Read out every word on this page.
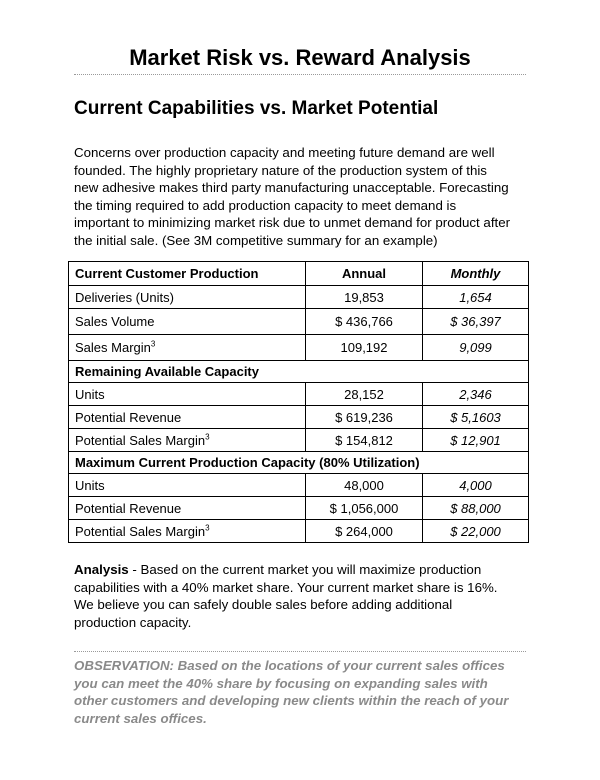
Market Risk vs. Reward Analysis
Current Capabilities vs. Market Potential
Concerns over production capacity and meeting future demand are well
founded. The highly proprietary nature of the production system of this
new adhesive makes third party manufacturing unacceptable. Forecasting
the timing required to add production capacity to meet demand is
important to minimizing market risk due to unmet demand for product after
the initial sale. (See 3M competitive summary for an example)
Current Customer Production	Annual	Monthly
Deliveries (Units)	19,853	1,654
Sales Volume	$ 436,766	$ 36,397
Sales Margin$^3$	109,192	9,099
Remaining Available Capacity		
Units	28,152	2,346
Potential Revenue	$ 619,236	$ 5,1603
Potential Sales Margin$^3$	$ 154,812	$ 12,901
Maximum Current Production Capacity (80% Utilization)		
Units	48,000	4,000
Potential Revenue	$ 1,056,000	$ 88,000
Potential Sales Margin$^3$	$ 264,000	$ 22,000
Analysis - Based on the current market you will maximize production
capabilities with a 40% market share. Your current market share is 16%.
We believe you can safely double sales before adding additional
production capacity.
OBSERVATION: Based on the locations of your current sales offices
you can meet the 40% share by focusing on expanding sales with
other customers and developing new clients within the reach of your
current sales offices.
